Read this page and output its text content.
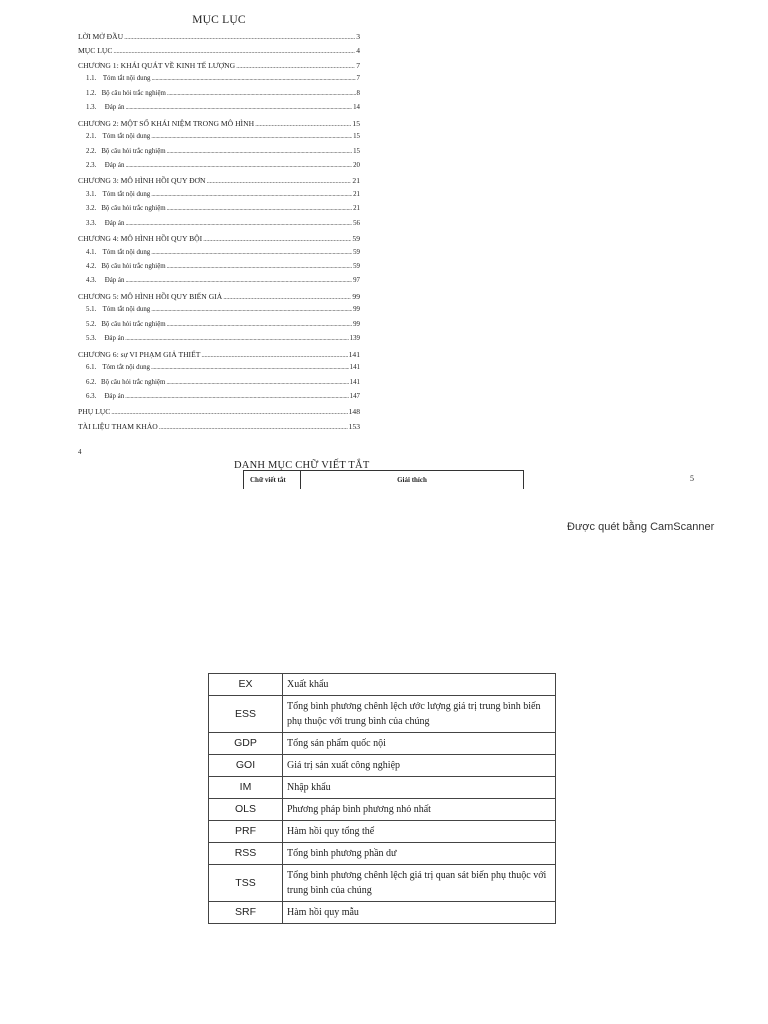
MỤC LỤC
LỜI MỞ ĐẦU .....	3
MỤC LỤC .....	4
CHƯƠNG 1: KHÁI QUÁT VỀ KINH TẾ LƯỢNG .....	7
1.1. Tóm tắt nội dung .....	7
1.2. Bộ câu hỏi trắc nghiệm .....	8
1.3.	Đáp án .....	14
CHƯƠNG 2: MỘT SỐ KHÁI NIỆM TRONG MÔ HÌNH .....	15
2.1. Tóm tắt nội dung .....	15
2.2. Bộ câu hỏi trắc nghiệm .....	15
2.3.	Đáp án .....	20
CHƯƠNG 3: MÔ HÌNH HỒI QUY ĐƠN .....	21
3.1. Tóm tắt nội dung .....	21
3.2. Bộ câu hỏi trắc nghiệm .....	21
3.3.	Đáp án .....	56
CHƯƠNG 4: MÔ HÌNH HỒI QUY BỘI .....	59
4.1. Tóm tắt nội dung .....	59
4.2. Bộ câu hỏi trắc nghiệm .....	59
4.3.	Đáp án .....	97
CHƯƠNG 5: MÔ HÌNH HỒI QUY BIẾN GIẢ .....	99
5.1. Tóm tắt nội dung .....	99
5.2. Bộ câu hỏi trắc nghiệm .....	99
5.3.	Đáp án .....	139
CHƯƠNG 6: sự VI PHẠM GIẢ THIẾT .....	141
6.1. Tóm tắt nội dung .....	141
6.2. Bộ câu hỏi trắc nghiệm .....	141
6.3.	Đáp án .....	147
PHỤ LỤC .....	148
TÀI LIỆU THAM KHẢO .....	153
4
DANH MỤC CHỮ VIẾT TẮT
Chữ viết tắt	Giải thích	5
Được quét bằng CamScanner
EX	Xuất khẩu
ESS	Tổng bình phương chênh lệch ước lượng giá trị trung bình biến phụ thuộc với trung bình của chúng
GDP	Tổng sản phẩm quốc nội
GOI	Giá trị sản xuất công nghiệp
IM	Nhập khẩu
OLS	Phương pháp bình phương nhỏ nhất
PRF	Hàm hồi quy tổng thể
RSS	Tổng bình phương phần dư
TSS	Tổng bình phương chênh lệch giá trị quan sát biến phụ thuộc với trung bình của chúng
SRF	Hàm hồi quy mẫu
